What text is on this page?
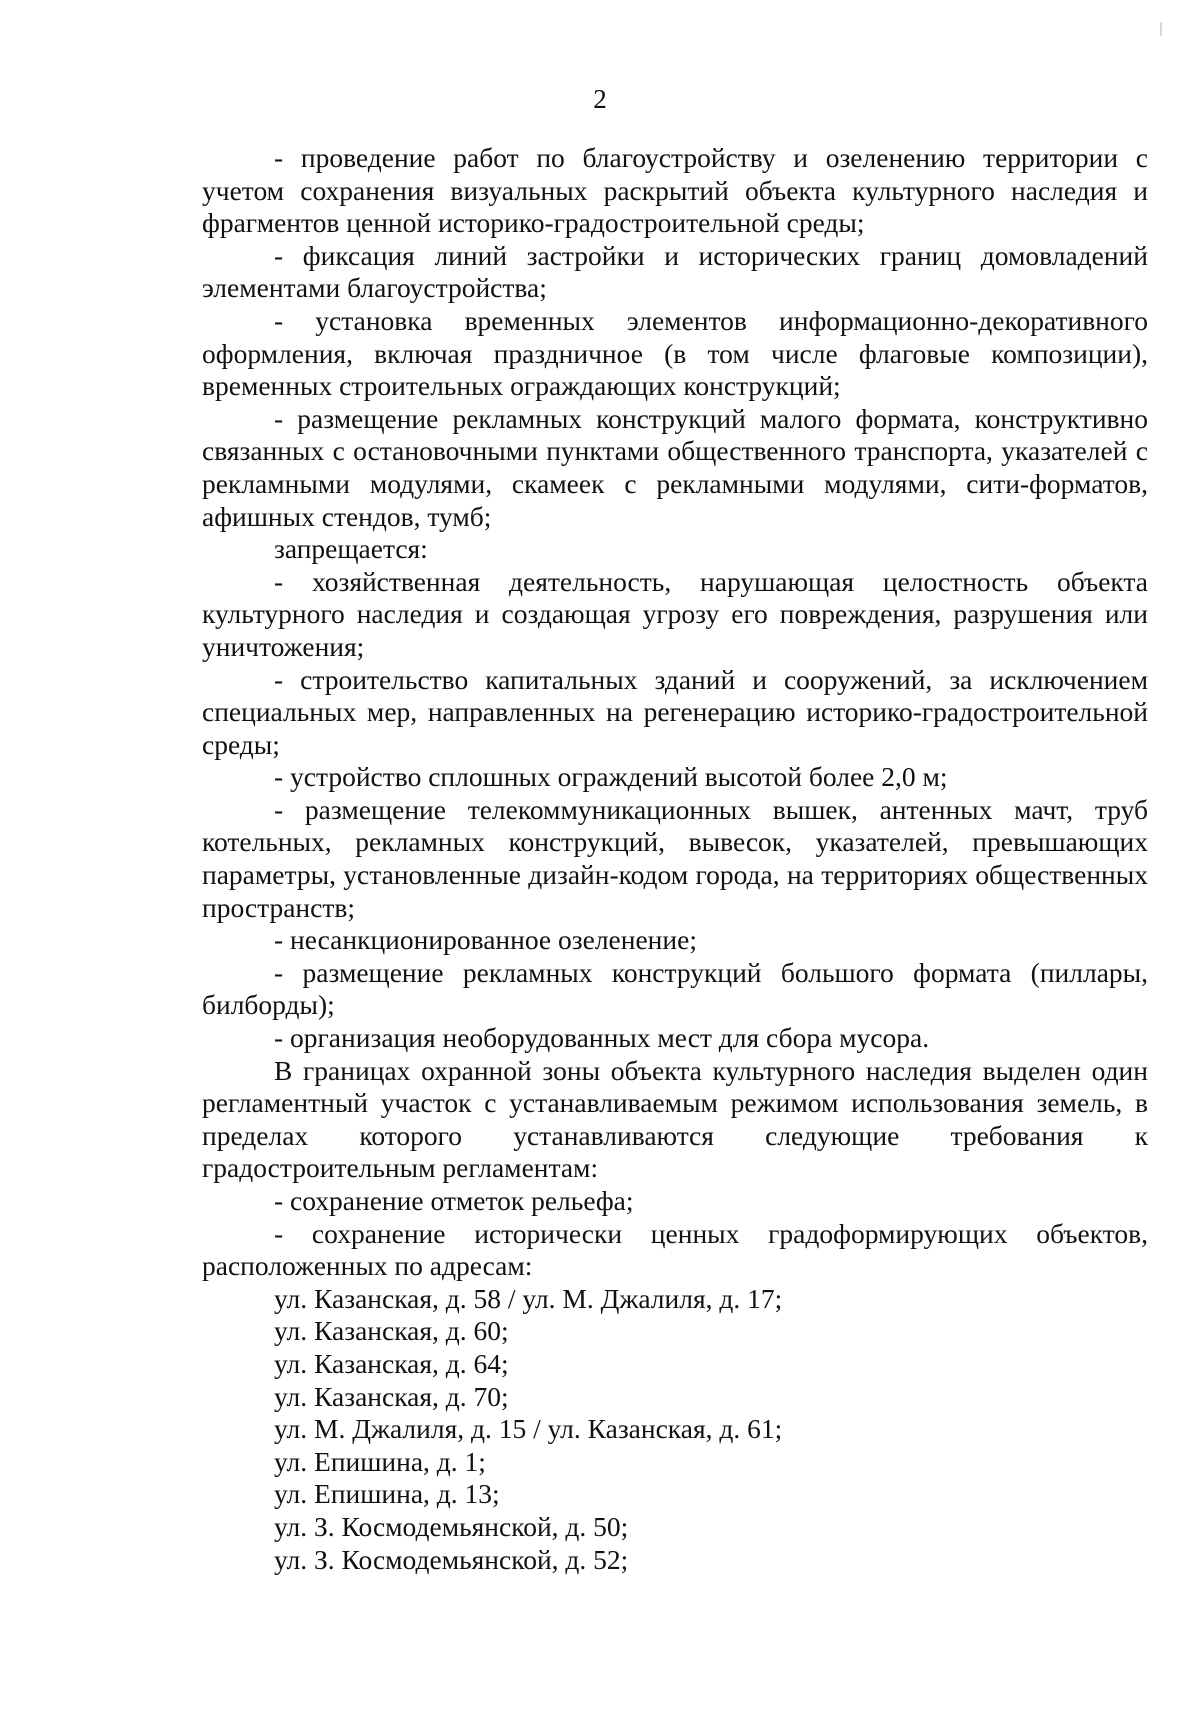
2

- проведение работ по благоустройству и озеленению территории с учетом сохранения визуальных раскрытий объекта культурного наследия и фрагментов ценной историко-градостроительной среды;

- фиксация линий застройки и исторических границ домовладений элементами благоустройства;

- установка временных элементов информационно-декоративного оформления, включая праздничное (в том числе флаговые композиции), временных строительных ограждающих конструкций;

- размещение рекламных конструкций малого формата, конструктивно связанных с остановочными пунктами общественного транспорта, указателей с рекламными модулями, скамеек с рекламными модулями, сити-форматов, афишных стендов, тумб;

запрещается:

- хозяйственная деятельность, нарушающая целостность объекта культурного наследия и создающая угрозу его повреждения, разрушения или уничтожения;

- строительство капитальных зданий и сооружений, за исключением специальных мер, направленных на регенерацию историко-градостроительной среды;

- устройство сплошных ограждений высотой более 2,0 м;

- размещение телекоммуникационных вышек, антенных мачт, труб котельных, рекламных конструкций, вывесок, указателей, превышающих параметры, установленные дизайн-кодом города, на территориях общественных пространств;

- несанкционированное озеленение;

- размещение рекламных конструкций большого формата (пиллары, билборды);

- организация необорудованных мест для сбора мусора.

В границах охранной зоны объекта культурного наследия выделен один регламентный участок с устанавливаемым режимом использования земель, в пределах которого устанавливаются следующие требования к градостроительным регламентам:

- сохранение отметок рельефа;

- сохранение исторически ценных градоформирующих объектов, расположенных по адресам:

ул. Казанская, д. 58 / ул. М. Джалиля, д. 17;

ул. Казанская, д. 60;

ул. Казанская, д. 64;

ул. Казанская, д. 70;

ул. М. Джалиля, д. 15 / ул. Казанская, д. 61;

ул. Епишина, д. 1;

ул. Епишина, д. 13;

ул. З. Космодемьянской, д. 50;

ул. З. Космодемьянской, д. 52;
